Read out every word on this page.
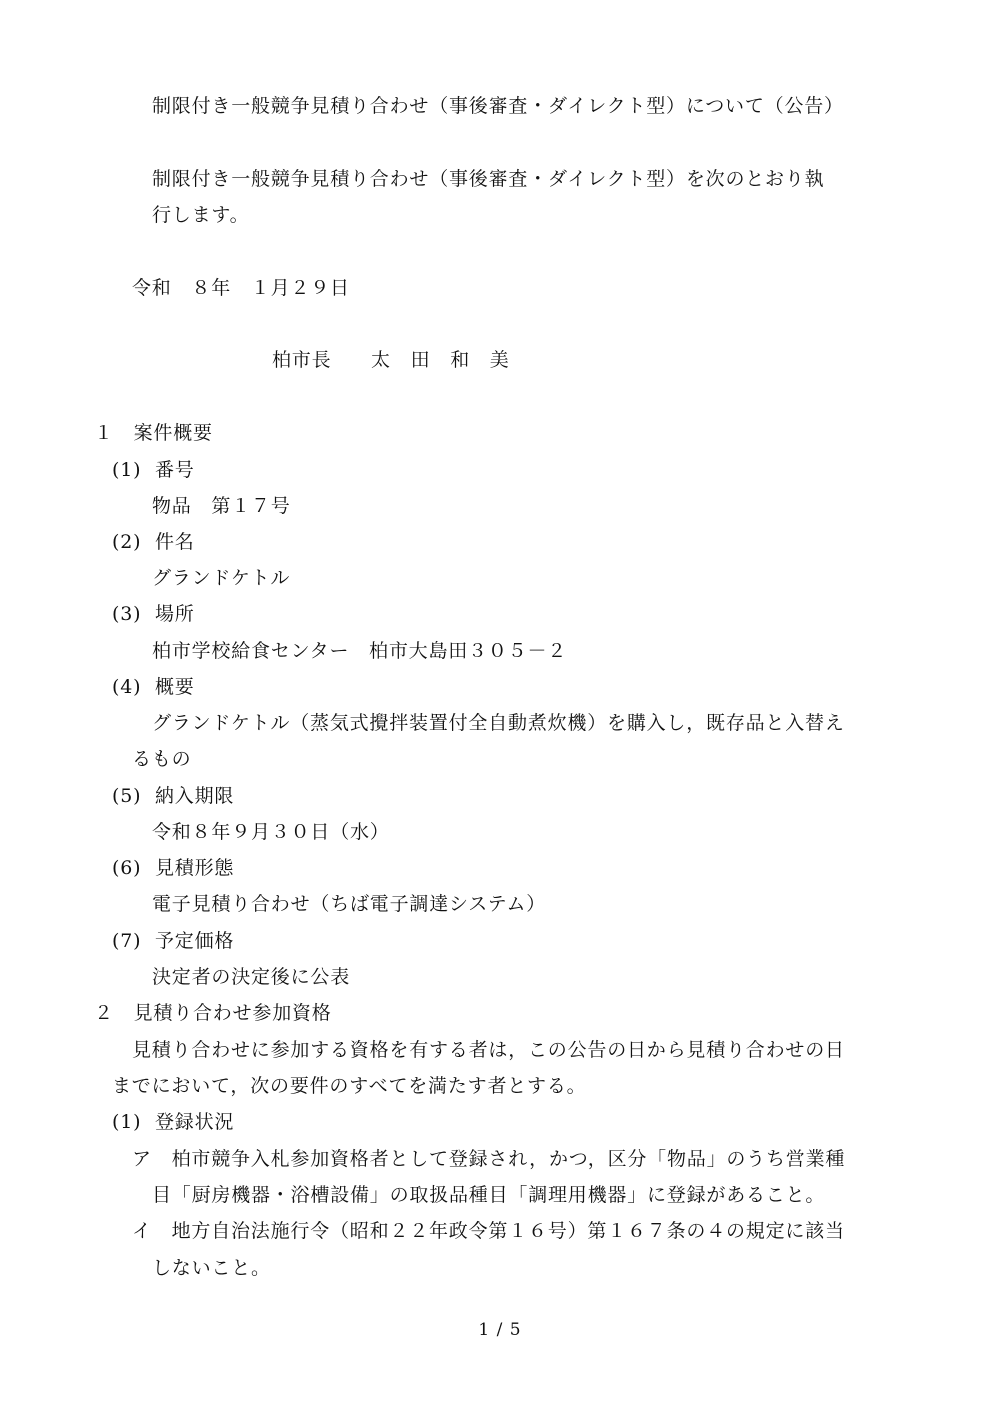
制限付き一般競争見積り合わせ（事後審査・ダイレクト型）について（公告）
制限付き一般競争見積り合わせ（事後審査・ダイレクト型）を次のとおり執
行します。
令和　８年　１月２９日
柏市長　　太　田　和　美
１　案件概要
(1)  番号
物品　第１７号
(2)  件名
グランドケトル
(3)  場所
柏市学校給食センター　柏市大島田３０５－２
(4)  概要
グランドケトル（蒸気式攪拌装置付全自動煮炊機）を購入し，既存品と入替え
るもの
(5)  納入期限
令和８年９月３０日（水）
(6)  見積形態
電子見積り合わせ（ちば電子調達システム）
(7)  予定価格
決定者の決定後に公表
２　見積り合わせ参加資格
見積り合わせに参加する資格を有する者は，この公告の日から見積り合わせの日
までにおいて，次の要件のすべてを満たす者とする。
(1)  登録状況
ア　柏市競争入札参加資格者として登録され，かつ，区分「物品」のうち営業種
目「厨房機器・浴槽設備」の取扱品種目「調理用機器」に登録があること。
イ　地方自治法施行令（昭和２２年政令第１６号）第１６７条の４の規定に該当
しないこと。
1 / 5
